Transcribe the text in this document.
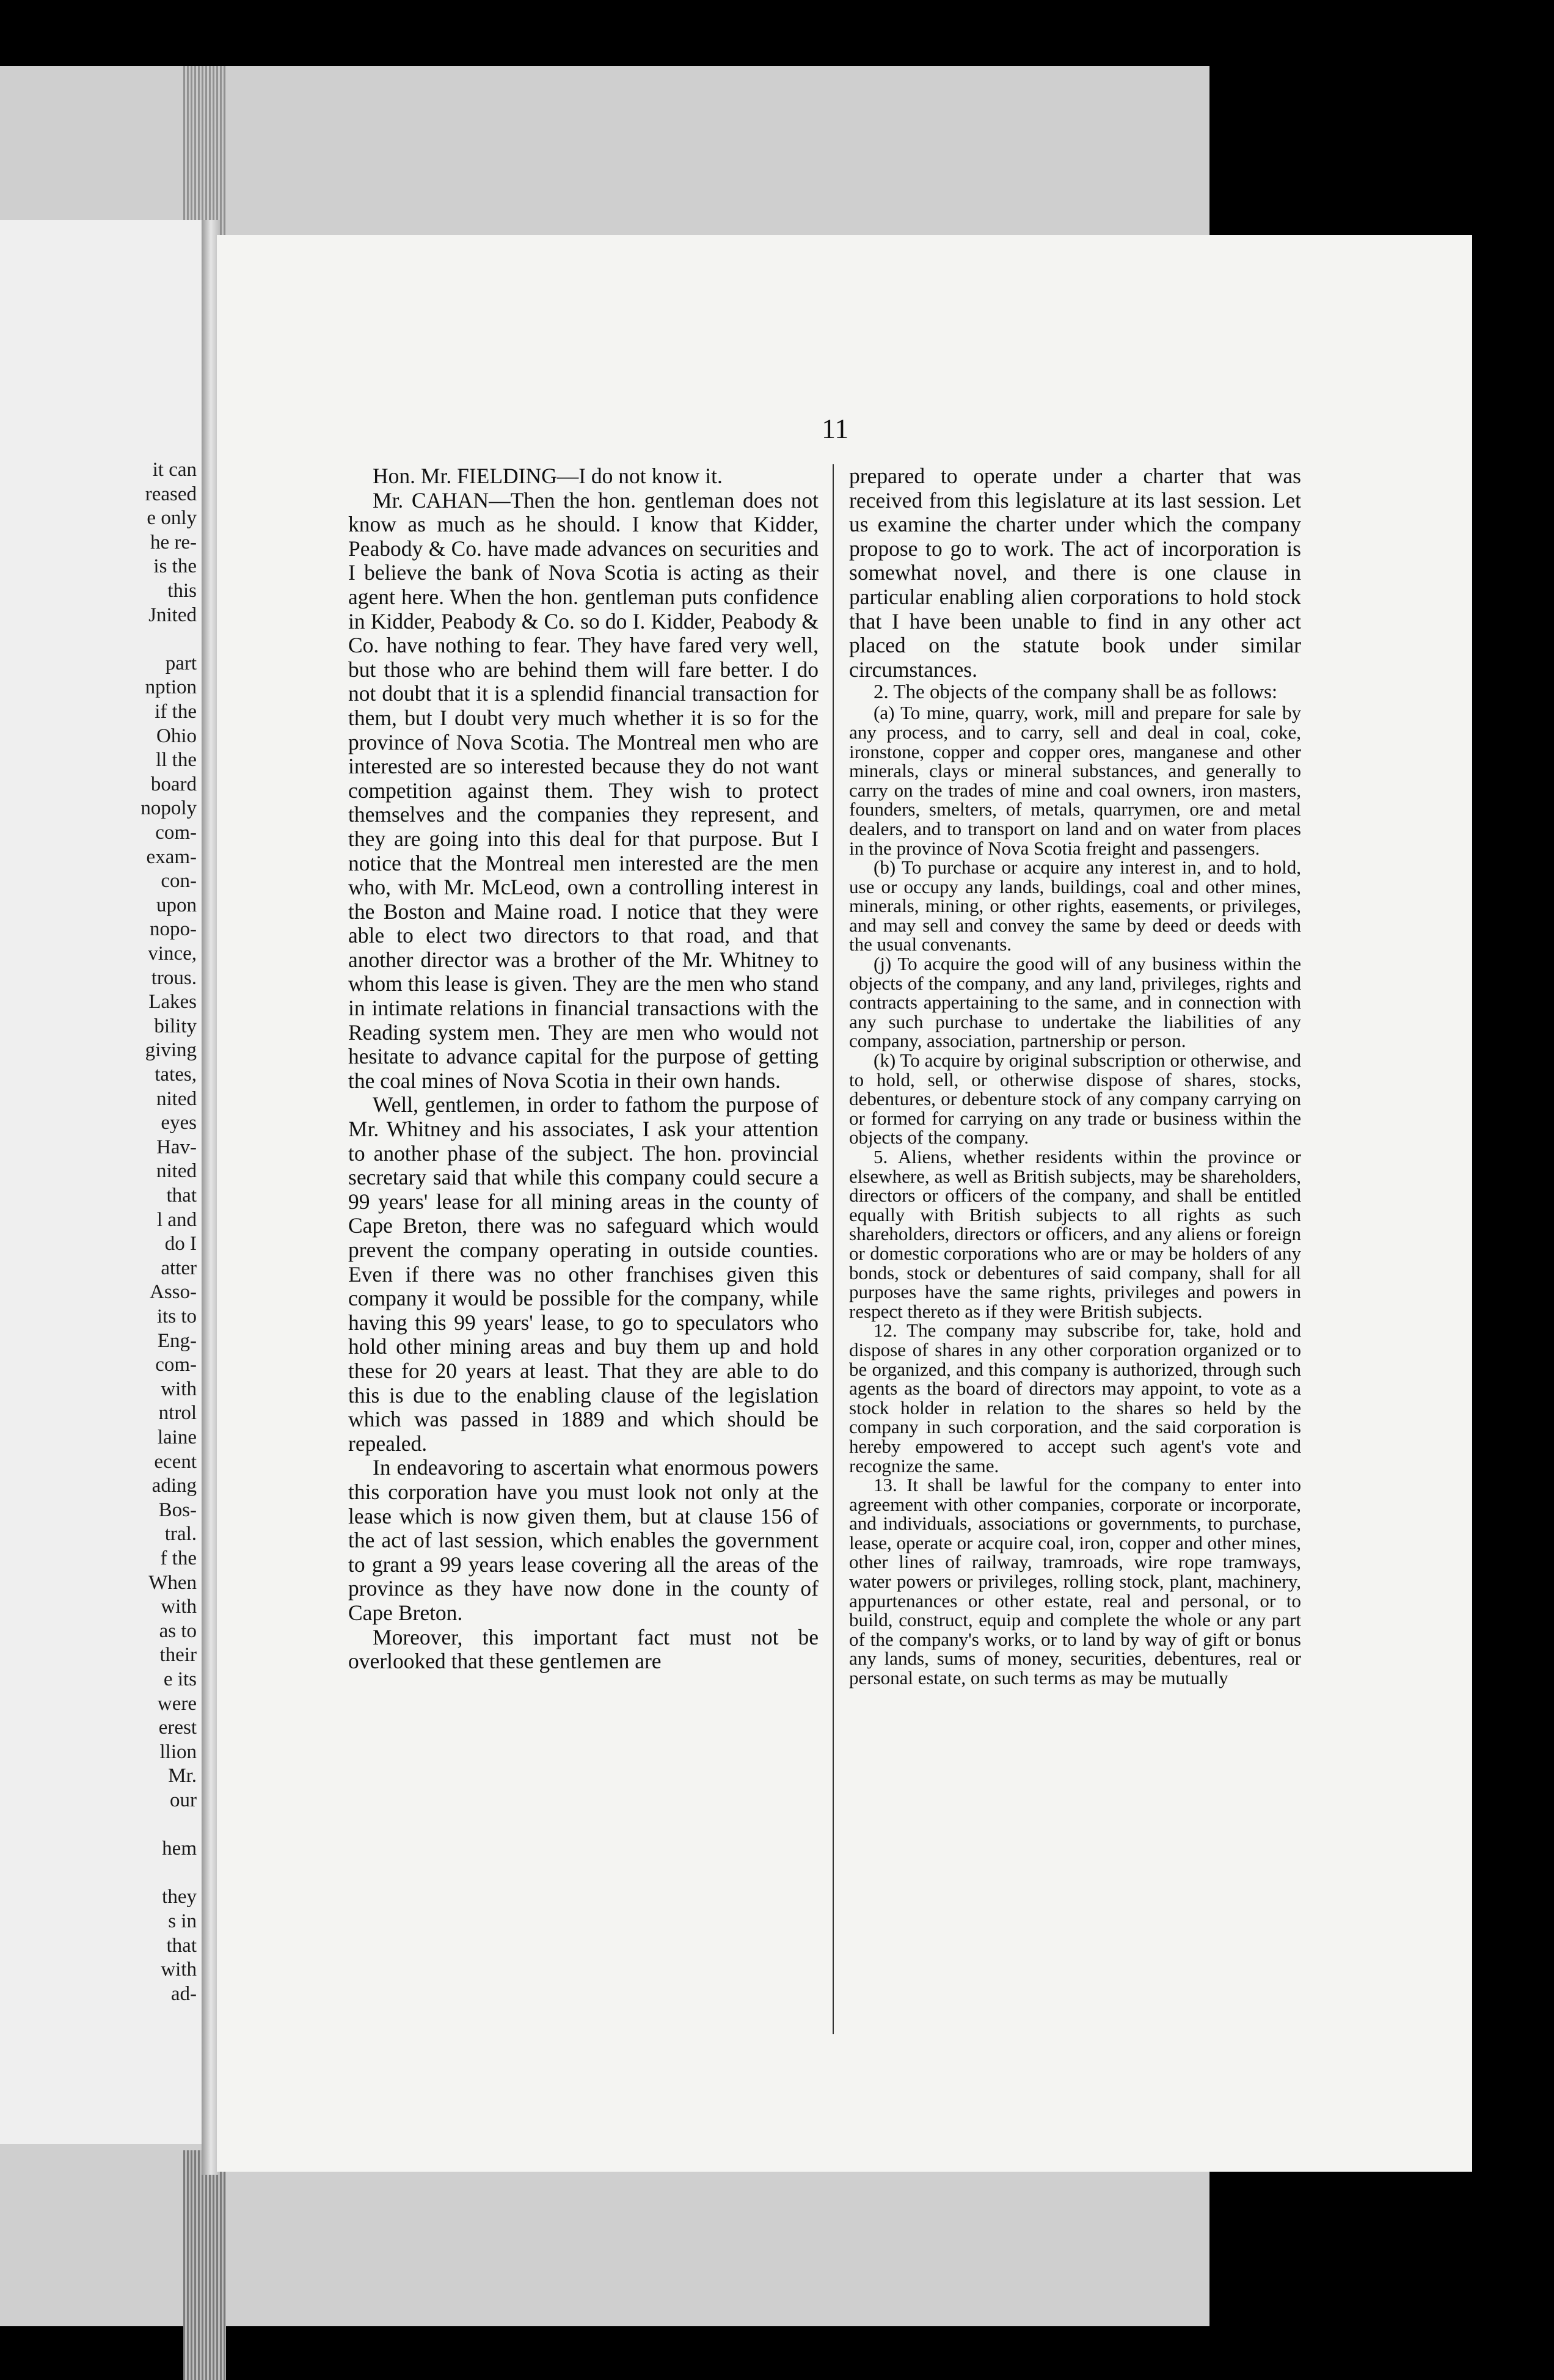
it can
reased
e only
he re-
is the
this
Jnited
part
nption
if the
Ohio
ll the
board
nopoly
com-
exam-
con-
upon
nopo-
vince,
trous.
Lakes
bility
giving
tates,
nited
eyes
Hav-
nited
that
l and
do I
atter
Asso-
its to
Eng-
com-
with
ntrol
laine
ecent
ading
Bos-
tral.
f the
When
with
as to
their
e its
were
erest
llion
Mr.
our
hem
they
s in
that
with
ad-
11

Hon. Mr. FIELDING—I do not know it.

Mr. CAHAN—Then the hon. gentleman does not know as much as he should. I know that Kidder, Peabody & Co. have made advances on securities and I believe the bank of Nova Scotia is acting as their agent here. When the hon. gentleman puts confidence in Kidder, Peabody & Co. so do I. Kidder, Peabody & Co. have nothing to fear. They have fared very well, but those who are behind them will fare better. I do not doubt that it is a splendid financial transaction for them, but I doubt very much whether it is so for the province of Nova Scotia. The Montreal men who are interested are so interested because they do not want competition against them. They wish to protect themselves and the companies they represent, and they are going into this deal for that purpose. But I notice that the Montreal men interested are the men who, with Mr. McLeod, own a controlling interest in the Boston and Maine road. I notice that they were able to elect two directors to that road, and that another director was a brother of the Mr. Whitney to whom this lease is given. They are the men who stand in intimate relations in financial transactions with the Reading system men. They are men who would not hesitate to advance capital for the purpose of getting the coal mines of Nova Scotia in their own hands.

Well, gentlemen, in order to fathom the purpose of Mr. Whitney and his associates, I ask your attention to another phase of the subject. The hon. provincial secretary said that while this company could secure a 99 years' lease for all mining areas in the county of Cape Breton, there was no safeguard which would prevent the company operating in outside counties. Even if there was no other franchises given this company it would be possible for the company, while having this 99 years' lease, to go to speculators who hold other mining areas and buy them up and hold these for 20 years at least. That they are able to do this is due to the enabling clause of the legislation which was passed in 1889 and which should be repealed.

In endeavoring to ascertain what enormous powers this corporation have you must look not only at the lease which is now given them, but at clause 156 of the act of last session, which enables the government to grant a 99 years lease covering all the areas of the province as they have now done in the county of Cape Breton.

Moreover, this important fact must not be overlooked that these gentlemen are

prepared to operate under a charter that was received from this legislature at its last session. Let us examine the charter under which the company propose to go to work. The act of incorporation is somewhat novel, and there is one clause in particular enabling alien corporations to hold stock that I have been unable to find in any other act placed on the statute book under similar circumstances.

2. The objects of the company shall be as follows:

(a) To mine, quarry, work, mill and prepare for sale by any process, and to carry, sell and deal in coal, coke, ironstone, copper and copper ores, manganese and other minerals, clays or mineral substances, and generally to carry on the trades of mine and coal owners, iron masters, founders, smelters, of metals, quarrymen, ore and metal dealers, and to transport on land and on water from places in the province of Nova Scotia freight and passengers.

(b) To purchase or acquire any interest in, and to hold, use or occupy any lands, buildings, coal and other mines, minerals, mining, or other rights, easements, or privileges, and may sell and convey the same by deed or deeds with the usual convenants.

(j) To acquire the good will of any business within the objects of the company, and any land, privileges, rights and contracts appertaining to the same, and in connection with any such purchase to undertake the liabilities of any company, association, partnership or person.

(k) To acquire by original subscription or otherwise, and to hold, sell, or otherwise dispose of shares, stocks, debentures, or debenture stock of any company carrying on or formed for carrying on any trade or business within the objects of the company.

5. Aliens, whether residents within the province or elsewhere, as well as British subjects, may be shareholders, directors or officers of the company, and shall be entitled equally with British subjects to all rights as such shareholders, directors or officers, and any aliens or foreign or domestic corporations who are or may be holders of any bonds, stock or debentures of said company, shall for all purposes have the same rights, privileges and powers in respect thereto as if they were British subjects.

12. The company may subscribe for, take, hold and dispose of shares in any other corporation organized or to be organized, and this company is authorized, through such agents as the board of directors may appoint, to vote as a stock holder in relation to the shares so held by the company in such corporation, and the said corporation is hereby empowered to accept such agent's vote and recognize the same.

13. It shall be lawful for the company to enter into agreement with other companies, corporate or incorporate, and individuals, associations or governments, to purchase, lease, operate or acquire coal, iron, copper and other mines, other lines of railway, tramroads, wire rope tramways, water powers or privileges, rolling stock, plant, machinery, appurtenances or other estate, real and personal, or to build, construct, equip and complete the whole or any part of the company's works, or to land by way of gift or bonus any lands, sums of money, securities, debentures, real or personal estate, on such terms as may be mutually
